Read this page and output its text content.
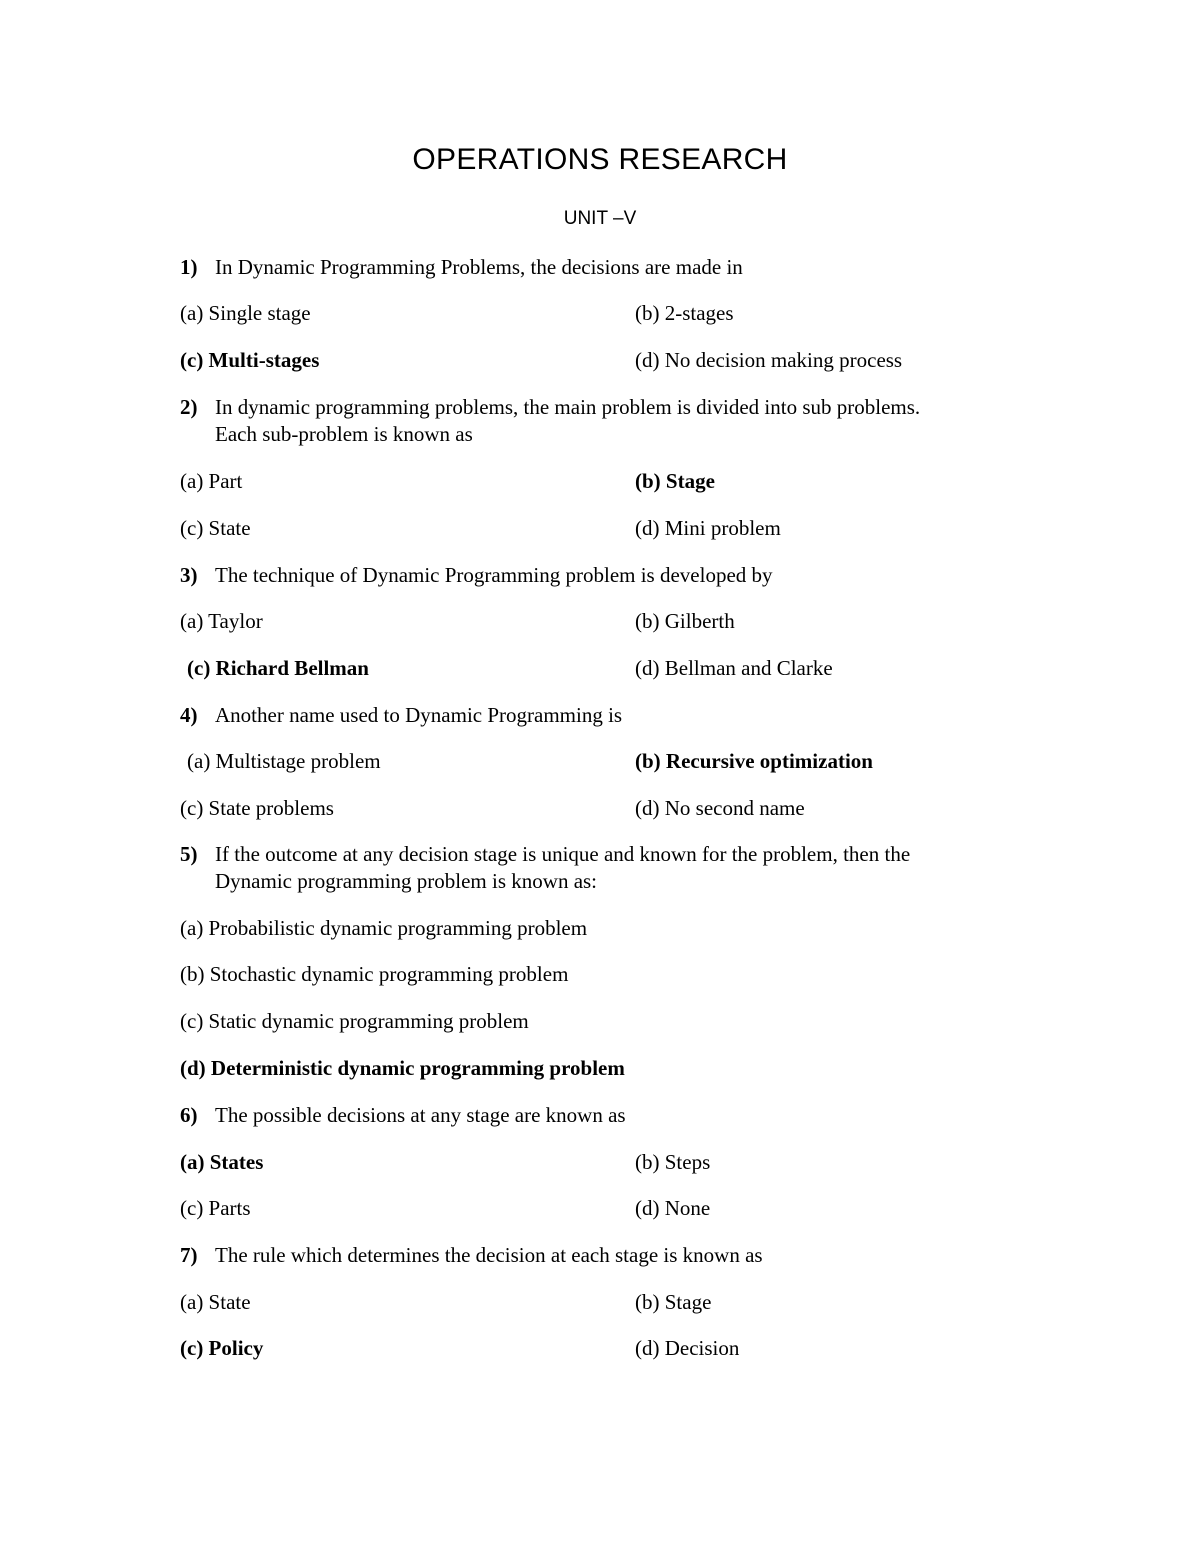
OPERATIONS RESEARCH
UNIT –V
1) In Dynamic Programming Problems, the decisions are made in
(a) Single stage	(b) 2-stages
(c) Multi-stages	(d) No decision making process
2) In dynamic programming problems, the main problem is divided into sub problems.
Each sub-problem is known as
(a) Part	(b) Stage
(c) State	(d) Mini problem
3) The technique of Dynamic Programming problem is developed by
(a) Taylor	(b) Gilberth
(c) Richard Bellman	(d) Bellman and Clarke
4) Another name used to Dynamic Programming is
(a) Multistage problem	(b) Recursive optimization
(c) State problems	(d) No second name
5) If the outcome at any decision stage is unique and known for the problem, then the
Dynamic programming problem is known as:
(a) Probabilistic dynamic programming problem
(b) Stochastic dynamic programming problem
(c) Static dynamic programming problem
(d) Deterministic dynamic programming problem
6) The possible decisions at any stage are known as
(a) States	(b) Steps
(c) Parts	(d) None
7) The rule which determines the decision at each stage is known as
(a) State	(b) Stage
(c) Policy	(d) Decision
